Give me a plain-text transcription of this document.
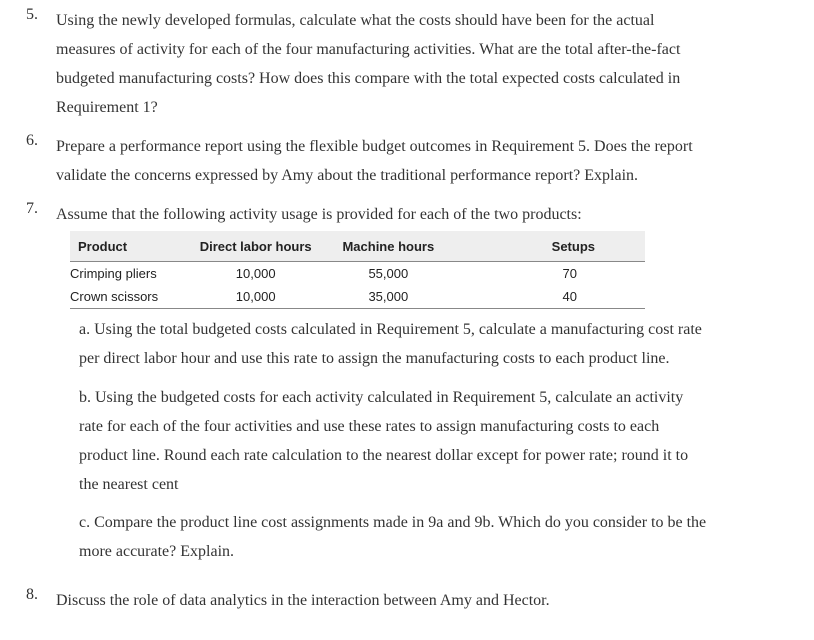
5.	Using the newly developed formulas, calculate what the costs should have been for the actual
measures of activity for each of the four manufacturing activities. What are the total after-the-fact
budgeted manufacturing costs? How does this compare with the total expected costs calculated in
Requirement 1?
6.	Prepare a performance report using the flexible budget outcomes in Requirement 5. Does the report
validate the concerns expressed by Amy about the traditional performance report? Explain.
7.	Assume that the following activity usage is provided for each of the two products:
Product	Direct labor hours	Machine hours	Setups
Crimping pliers	10,000	55,000	70
Crown scissors	10,000	35,000	40
a. Using the total budgeted costs calculated in Requirement 5, calculate a manufacturing cost rate
per direct labor hour and use this rate to assign the manufacturing costs to each product line.
b. Using the budgeted costs for each activity calculated in Requirement 5, calculate an activity
rate for each of the four activities and use these rates to assign manufacturing costs to each
product line. Round each rate calculation to the nearest dollar except for power rate; round it to
the nearest cent
c. Compare the product line cost assignments made in 9a and 9b. Which do you consider to be the
more accurate? Explain.
8.	Discuss the role of data analytics in the interaction between Amy and Hector.
